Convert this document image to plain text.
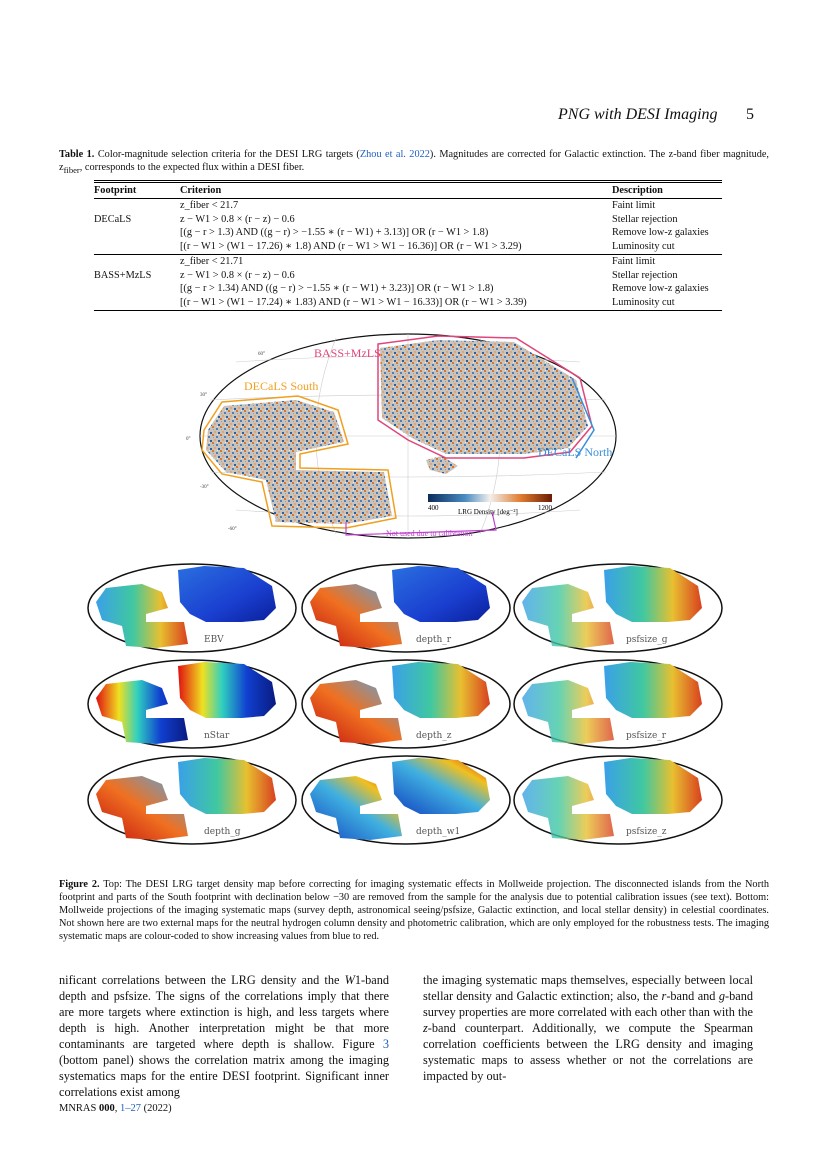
PNG with DESI Imaging 5
Table 1. Color-magnitude selection criteria for the DESI LRG targets (Zhou et al. 2022). Magnitudes are corrected for Galactic extinction. The z-band fiber magnitude, $z_{fiber}$, corresponds to the expected flux within a DESI fiber.
Footprint	Criterion	Description
	z_fiber < 21.7	Faint limit
DECaLS	z − W1 > 0.8 × (r − z) − 0.6	Stellar rejection
	[(g − r > 1.3) AND ((g − r) > −1.55 ∗ (r − W1) + 3.13)] OR (r − W1 > 1.8)	Remove low-z galaxies
	[(r − W1 > (W1 − 17.26) ∗ 1.8) AND (r − W1 > W1 − 16.36)] OR (r − W1 > 3.29)	Luminosity cut
	z_fiber < 21.71	Faint limit
BASS+MzLS	z − W1 > 0.8 × (r − z) − 0.6	Stellar rejection
	[(g − r > 1.34) AND ((g − r) > −1.55 ∗ (r − W1) + 3.23)] OR (r − W1 > 1.8)	Remove low-z galaxies
	[(r − W1 > (W1 − 17.24) ∗ 1.83) AND (r − W1 > W1 − 16.33)] OR (r − W1 > 3.39)	Luminosity cut
BASS+MzLS
DECaLS South
DECaLS North
Not used due to calibration
60°
30°
0°
-30°
-60°
400	1200
LRG Density [deg⁻²]
EBV	depth_r	psfsize_g
nStar	depth_z	psfsize_r
depth_g	depth_w1	psfsize_z
Figure 2. Top: The DESI LRG target density map before correcting for imaging systematic effects in Mollweide projection. The disconnected islands from the North footprint and parts of the South footprint with declination below −30 are removed from the sample for the analysis due to potential calibration issues (see text). Bottom: Mollweide projections of the imaging systematic maps (survey depth, astronomical seeing/psfsize, Galactic extinction, and local stellar density) in celestial coordinates. Not shown here are two external maps for the neutral hydrogen column density and photometric calibration, which are only employed for the robustness tests. The imaging systematic maps are colour-coded to show increasing values from blue to red.
nificant correlations between the LRG density and the W1-band depth and psfsize. The signs of the correlations imply that there are more targets where extinction is high, and less targets where depth is high. Another interpretation might be that more contaminants are targeted where depth is shallow. Figure 3 (bottom panel) shows the correlation matrix among the imaging systematics maps for the entire DESI footprint. Significant inner correlations exist among
the imaging systematic maps themselves, especially between local stellar density and Galactic extinction; also, the r-band and g-band survey properties are more correlated with each other than with the z-band counterpart. Additionally, we compute the Spearman correlation coefficients between the LRG density and imaging systematic maps to assess whether or not the correlations are impacted by out-
MNRAS 000, 1–27 (2022)
